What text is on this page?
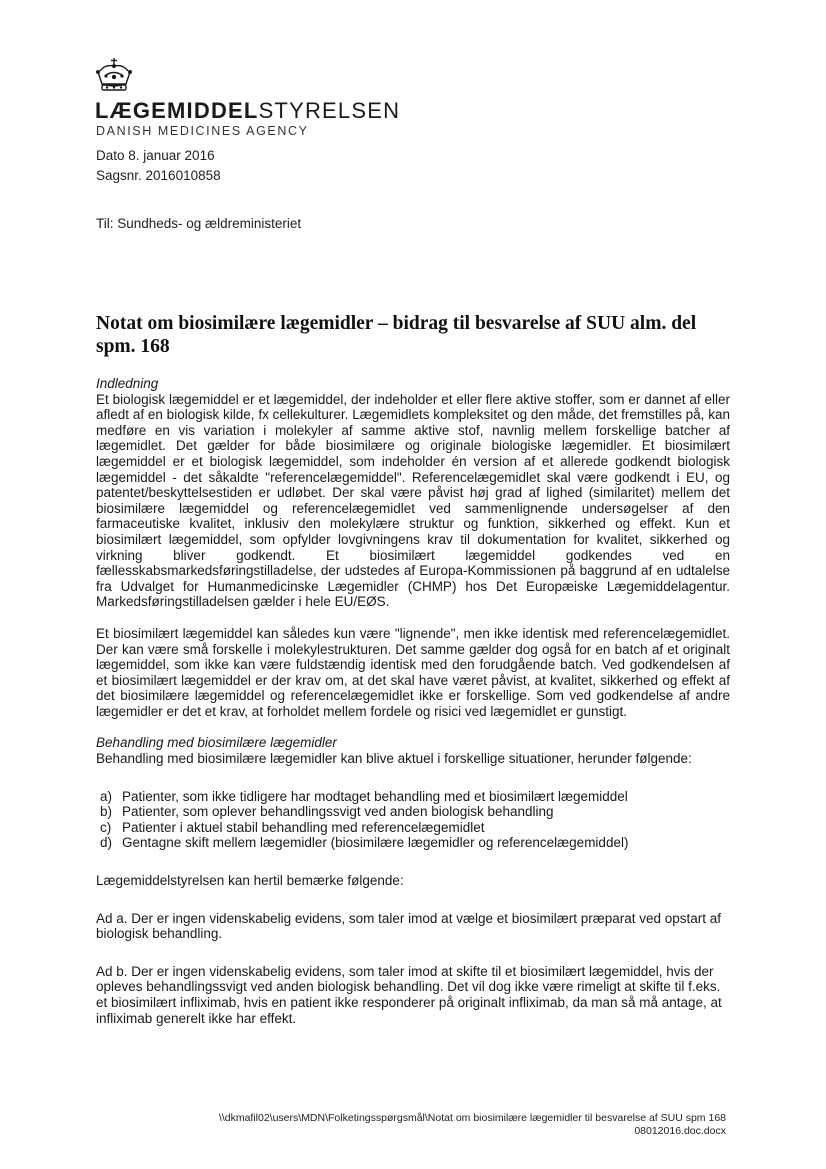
LÆGEMIDDELSTYRELSEN
DANISH MEDICINES AGENCY
Dato 8. januar 2016
Sagsnr. 2016010858
Til: Sundheds- og ældreministeriet
Notat om biosimilære lægemidler – bidrag til besvarelse af SUU alm. del spm. 168

Indledning

Et biologisk lægemiddel er et lægemiddel, der indeholder et eller flere aktive stoffer, som er dannet af eller afledt af en biologisk kilde, fx cellekulturer. Lægemidlets kompleksitet og den måde, det fremstilles på, kan medføre en vis variation i molekyler af samme aktive stof, navnlig mellem forskellige batcher af lægemidlet. Det gælder for både biosimilære og originale biologiske lægemidler. Et biosimilært lægemiddel er et biologisk lægemiddel, som indeholder én version af et allerede godkendt biologisk lægemiddel - det såkaldte "referencelægemiddel". Referencelægemidlet skal være godkendt i EU, og patentet/beskyttelsestiden er udløbet. Der skal være påvist høj grad af lighed (similaritet) mellem det biosimilære lægemiddel og referencelægemidlet ved sammenlignende undersøgelser af den farmaceutiske kvalitet, inklusiv den molekylære struktur og funktion, sikkerhed og effekt. Kun et biosimilært lægemiddel, som opfylder lovgivningens krav til dokumentation for kvalitet, sikkerhed og virkning bliver godkendt. Et biosimilært lægemiddel godkendes ved en fællesskabsmarkedsføringstilladelse, der udstedes af Europa-Kommissionen på baggrund af en udtalelse fra Udvalget for Humanmedicinske Lægemidler (CHMP) hos Det Europæiske Lægemiddelagentur. Markedsføringstilladelsen gælder i hele EU/EØS.

Et biosimilært lægemiddel kan således kun være "lignende", men ikke identisk med referencelægemidlet. Der kan være små forskelle i molekylestrukturen. Det samme gælder dog også for en batch af et originalt lægemiddel, som ikke kan være fuldstændig identisk med den forudgående batch. Ved godkendelsen af et biosimilært lægemiddel er der krav om, at det skal have været påvist, at kvalitet, sikkerhed og effekt af det biosimilære lægemiddel og referencelægemidlet ikke er forskellige. Som ved godkendelse af andre lægemidler er det et krav, at forholdet mellem fordele og risici ved lægemidlet er gunstigt.

Behandling med biosimilære lægemidler

Behandling med biosimilære lægemidler kan blive aktuel i forskellige situationer, herunder følgende:

a) Patienter, som ikke tidligere har modtaget behandling med et biosimilært lægemiddel
b) Patienter, som oplever behandlingssvigt ved anden biologisk behandling
c) Patienter i aktuel stabil behandling med referencelægemidlet
d) Gentagne skift mellem lægemidler (biosimilære lægemidler og referencelægemiddel)

Lægemiddelstyrelsen kan hertil bemærke følgende:

Ad a. Der er ingen videnskabelig evidens, som taler imod at vælge et biosimilært præparat ved opstart af biologisk behandling.

Ad b. Der er ingen videnskabelig evidens, som taler imod at skifte til et biosimilært lægemiddel, hvis der opleves behandlingssvigt ved anden biologisk behandling. Det vil dog ikke være rimeligt at skifte til f.eks. et biosimilært infliximab, hvis en patient ikke responderer på originalt infliximab, da man så må antage, at infliximab generelt ikke har effekt.

\\dkmafil02\users\MDN\Folketingsspørgsmål\Notat om biosimilære lægemidler til besvarelse af SUU spm 168
08012016.doc.docx
